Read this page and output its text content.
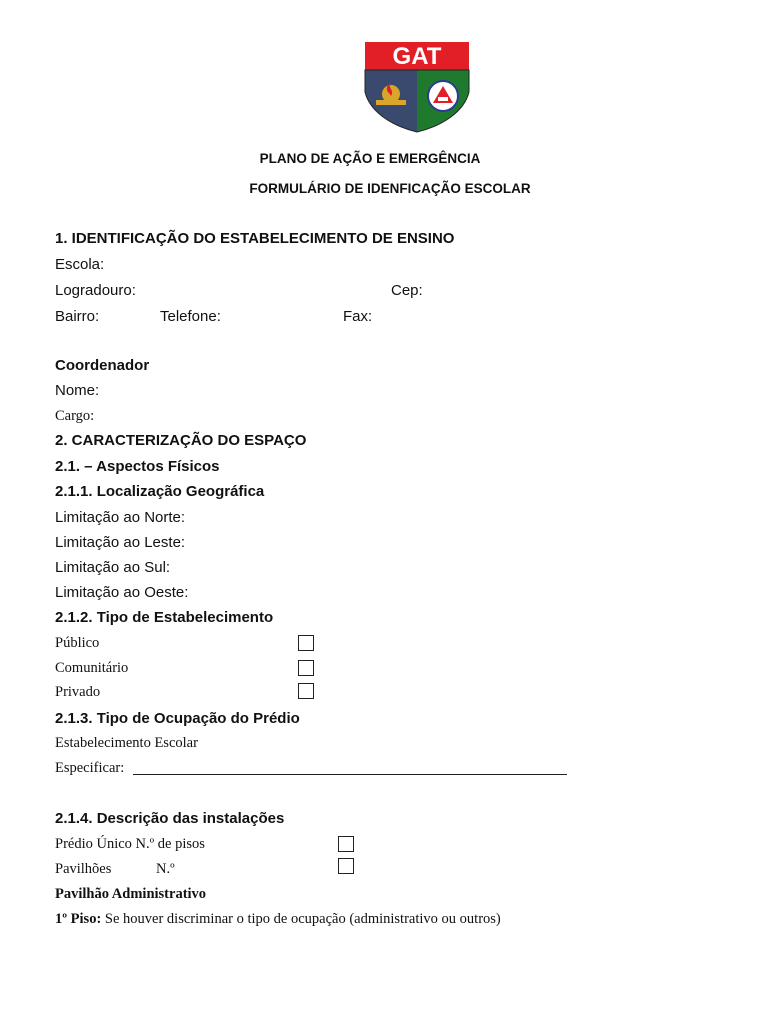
GAT
PLANO DE AÇÃO E EMERGÊNCIA
FORMULÁRIO DE IDENFICAÇÃO ESCOLAR
1. IDENTIFICAÇÃO DO ESTABELECIMENTO DE ENSINO
Escola:
Logradouro:	Cep:
Bairro:	Telefone:	Fax:
Coordenador
Nome:
Cargo:
2. CARACTERIZAÇÃO DO ESPAÇO
2.1. – Aspectos Físicos
2.1.1. Localização Geográfica
Limitação ao Norte:
Limitação ao Leste:
Limitação ao Sul:
Limitação ao Oeste:
2.1.2. Tipo de Estabelecimento
Público
Comunitário
Privado
2.1.3. Tipo de Ocupação do Prédio
Estabelecimento Escolar
Especificar:
2.1.4. Descrição das instalações
Prédio Único N.º de pisos
Pavilhões	N.º
Pavilhão Administrativo
1º Piso: Se houver discriminar o tipo de ocupação (administrativo ou outros)
